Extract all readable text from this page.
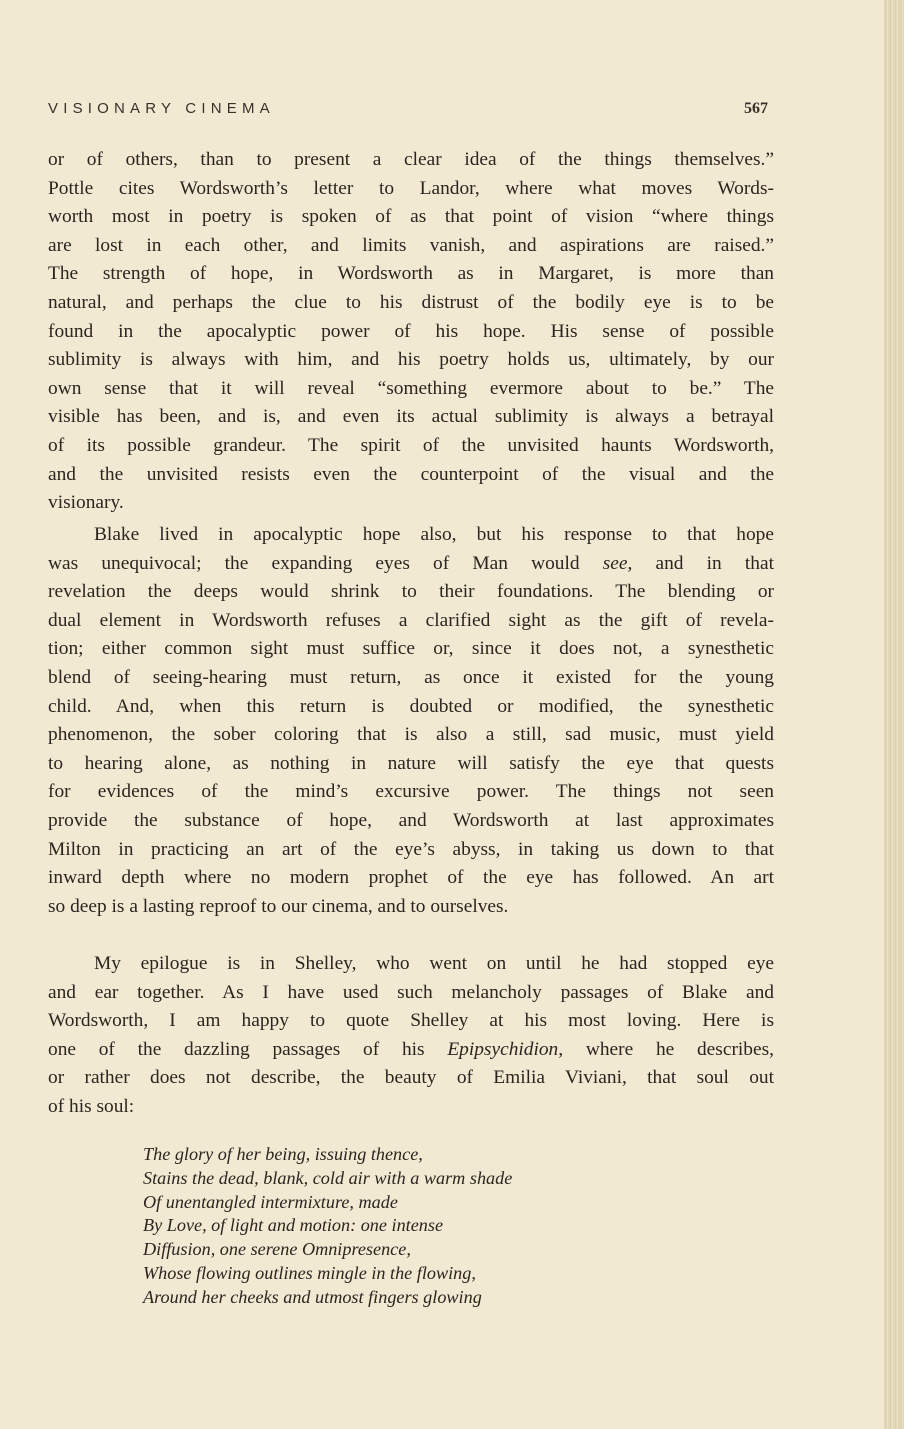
VISIONARY CINEMA	567
or of others, than to present a clear idea of the things themselves.”
Pottle cites Wordsworth’s letter to Landor, where what moves Words-
worth most in poetry is spoken of as that point of vision “where things
are lost in each other, and limits vanish, and aspirations are raised.”
The strength of hope, in Wordsworth as in Margaret, is more than
natural, and perhaps the clue to his distrust of the bodily eye is to be
found in the apocalyptic power of his hope. His sense of possible
sublimity is always with him, and his poetry holds us, ultimately, by our
own sense that it will reveal “something evermore about to be.” The
visible has been, and is, and even its actual sublimity is always a betrayal
of its possible grandeur. The spirit of the unvisited haunts Wordsworth,
and the unvisited resists even the counterpoint of the visual and the
visionary.
Blake lived in apocalyptic hope also, but his response to that hope
was unequivocal; the expanding eyes of Man would see, and in that
revelation the deeps would shrink to their foundations. The blending or
dual element in Wordsworth refuses a clarified sight as the gift of revela-
tion; either common sight must suffice or, since it does not, a synesthetic
blend of seeing-hearing must return, as once it existed for the young
child. And, when this return is doubted or modified, the synesthetic
phenomenon, the sober coloring that is also a still, sad music, must yield
to hearing alone, as nothing in nature will satisfy the eye that quests
for evidences of the mind’s excursive power. The things not seen
provide the substance of hope, and Wordsworth at last approximates
Milton in practicing an art of the eye’s abyss, in taking us down to that
inward depth where no modern prophet of the eye has followed. An art
so deep is a lasting reproof to our cinema, and to ourselves.
My epilogue is in Shelley, who went on until he had stopped eye
and ear together. As I have used such melancholy passages of Blake and
Wordsworth, I am happy to quote Shelley at his most loving. Here is
one of the dazzling passages of his Epipsychidion, where he describes,
or rather does not describe, the beauty of Emilia Viviani, that soul out
of his soul:
The glory of her being, issuing thence,
Stains the dead, blank, cold air with a warm shade
Of unentangled intermixture, made
By Love, of light and motion: one intense
Diffusion, one serene Omnipresence,
Whose flowing outlines mingle in the flowing,
Around her cheeks and utmost fingers glowing
